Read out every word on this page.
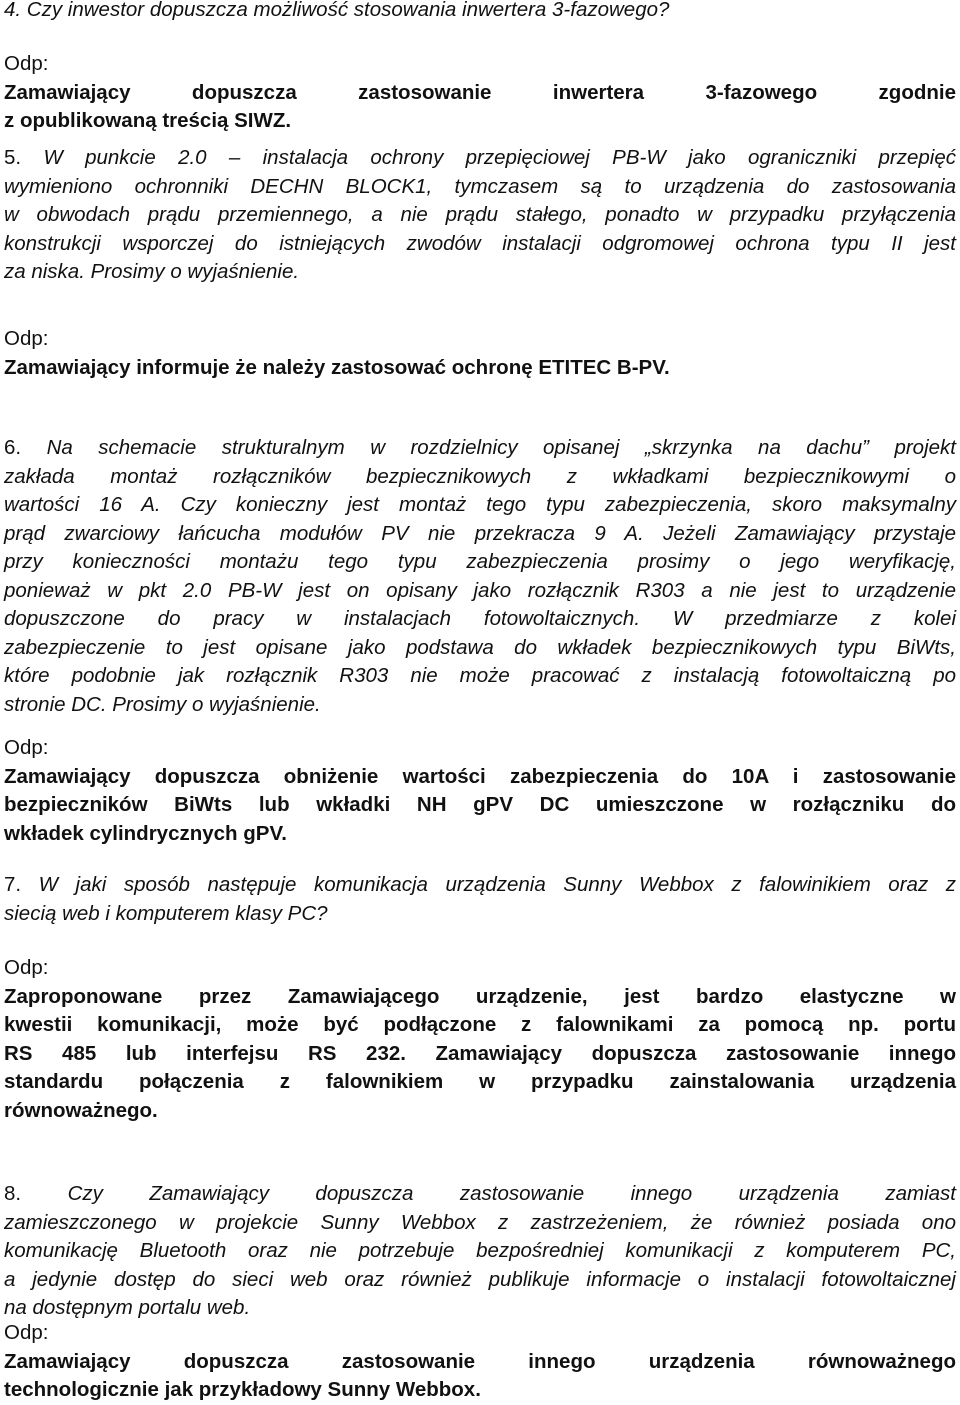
4. Czy inwestor dopuszcza możliwość stosowania inwertera 3-fazowego?
Odp:
Zamawiający dopuszcza zastosowanie inwertera 3-fazowego zgodnie
z opublikowaną treścią SIWZ.
5. W punkcie 2.0 – instalacja ochrony przepięciowej PB-W jako ograniczniki przepięć
wymieniono ochronniki DECHN BLOCK1, tymczasem są to urządzenia do zastosowania
w obwodach prądu przemiennego, a nie prądu stałego, ponadto w przypadku przyłączenia
konstrukcji wsporczej do istniejących zwodów instalacji odgromowej ochrona typu II jest
za niska. Prosimy o wyjaśnienie.
Odp:
Zamawiający informuje że należy zastosować ochronę ETITEC B-PV.
6. Na schemacie strukturalnym w rozdzielnicy opisanej „skrzynka na dachu” projekt
zakłada montaż rozłączników bezpiecznikowych z wkładkami bezpiecznikowymi o
wartości 16 A. Czy konieczny jest montaż tego typu zabezpieczenia, skoro maksymalny
prąd zwarciowy łańcucha modułów PV nie przekracza 9 A. Jeżeli Zamawiający przystaje
przy konieczności montażu tego typu zabezpieczenia prosimy o jego weryfikację,
ponieważ w pkt 2.0 PB-W jest on opisany jako rozłącznik R303 a nie jest to urządzenie
dopuszczone do pracy w instalacjach fotowoltaicznych. W przedmiarze z kolei
zabezpieczenie to jest opisane jako podstawa do wkładek bezpiecznikowych typu BiWts,
które podobnie jak rozłącznik R303 nie może pracować z instalacją fotowoltaiczną po
stronie DC. Prosimy o wyjaśnienie.
Odp:
Zamawiający dopuszcza obniżenie wartości zabezpieczenia do 10A i zastosowanie
bezpieczników BiWts lub wkładki NH gPV DC umieszczone w rozłączniku do
wkładek cylindrycznych gPV.
7. W jaki sposób następuje komunikacja urządzenia Sunny Webbox z falowinikiem oraz z
siecią web i komputerem klasy PC?
Odp:
Zaproponowane przez Zamawiającego urządzenie, jest bardzo elastyczne w
kwestii komunikacji, może być podłączone z falownikami za pomocą np. portu
RS 485 lub interfejsu RS 232. Zamawiający dopuszcza zastosowanie innego
standardu połączenia z falownikiem w przypadku zainstalowania urządzenia
równoważnego.
8. Czy Zamawiający dopuszcza zastosowanie innego urządzenia zamiast
zamieszczonego w projekcie Sunny Webbox z zastrzeżeniem, że również posiada ono
komunikację Bluetooth oraz nie potrzebuje bezpośredniej komunikacji z komputerem PC,
a jedynie dostęp do sieci web oraz również publikuje informacje o instalacji fotowoltaicznej
na dostępnym portalu web.
Odp:
Zamawiający dopuszcza zastosowanie innego urządzenia równoważnego
technologicznie jak przykładowy Sunny Webbox.
